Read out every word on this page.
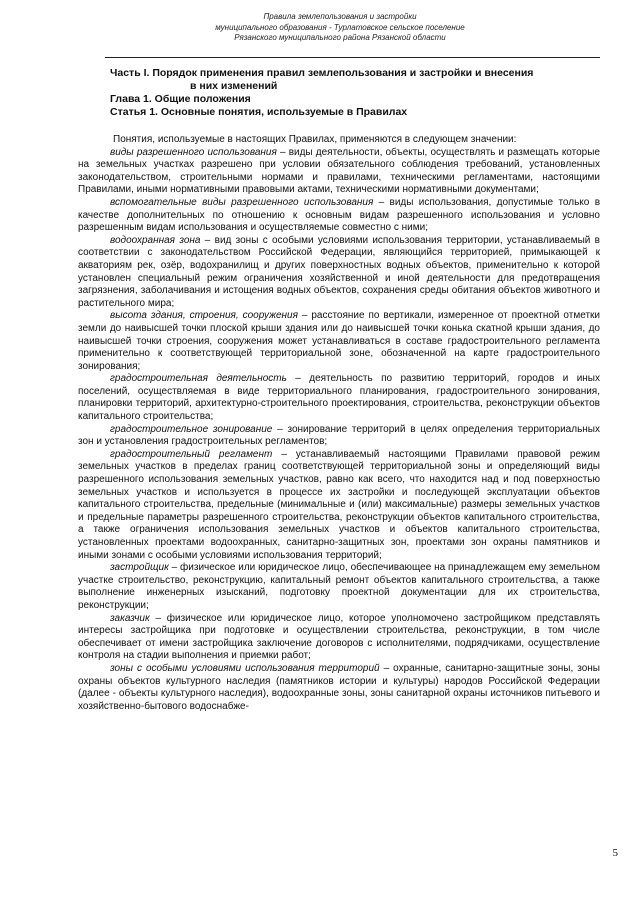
Правила землепользования и застройки
муниципального образования - Турлатовское сельское поселение
Рязанского муниципального района Рязанской области
Часть I. Порядок применения правил землепользования и застройки и внесения
в них изменений
Глава 1. Общие положения
Статья 1. Основные понятия, используемые в Правилах

Понятия, используемые в настоящих Правилах, применяются в следующем значении:

виды разрешенного использования – виды деятельности, объекты, осуществлять и размещать которые на земельных участках разрешено при условии обязательного соблюдения требований, установленных законодательством, строительными нормами и правилами, техническими регламентами, настоящими Правилами, иными нормативными правовыми актами, техническими нормативными документами;

вспомогательные виды разрешенного использования – виды использования, допустимые только в качестве дополнительных по отношению к основным видам разрешенного использования и условно разрешенным видам использования и осуществляемые совместно с ними;

водоохранная зона – вид зоны с особыми условиями использования территории, устанавливаемый в соответствии с законодательством Российской Федерации, являющийся территорией, примыкающей к акваториям рек, озёр, водохранилищ и других поверхностных водных объектов, применительно к которой установлен специальный режим ограничения хозяйственной и иной деятельности для предотвращения загрязнения, заболачивания и истощения водных объектов, сохранения среды обитания объектов животного и растительного мира;

высота здания, строения, сооружения – расстояние по вертикали, измеренное от проектной отметки земли до наивысшей точки плоской крыши здания или до наивысшей точки конька скатной крыши здания, до наивысшей точки строения, сооружения может устанавливаться в составе градостроительного регламента применительно к соответствующей территориальной зоне, обозначенной на карте градостроительного зонирования;

градостроительная деятельность – деятельность по развитию территорий, городов и иных поселений, осуществляемая в виде территориального планирования, градостроительного зонирования, планировки территорий, архитектурно-строительного проектирования, строительства, реконструкции объектов капитального строительства;

градостроительное зонирование – зонирование территорий в целях определения территориальных зон и установления градостроительных регламентов;

градостроительный регламент – устанавливаемый настоящими Правилами правовой режим земельных участков в пределах границ соответствующей территориальной зоны и определяющий виды разрешенного использования земельных участков, равно как всего, что находится над и под поверхностью земельных участков и используется в процессе их застройки и последующей эксплуатации объектов капитального строительства, предельные (минимальные и (или) максимальные) размеры земельных участков и предельные параметры разрешенного строительства, реконструкции объектов капитального строительства, а также ограничения использования земельных участков и объектов капитального строительства, установленных проектами водоохранных, санитарно-защитных зон, проектами зон охраны памятников и иными зонами с особыми условиями использования территорий;

застройщик – физическое или юридическое лицо, обеспечивающее на принадлежащем ему земельном участке строительство, реконструкцию, капитальный ремонт объектов капитального строительства, а также выполнение инженерных изысканий, подготовку проектной документации для их строительства, реконструкции;

заказчик – физическое или юридическое лицо, которое уполномочено застройщиком представлять интересы застройщика при подготовке и осуществлении строительства, реконструкции, в том числе обеспечивает от имени застройщика заключение договоров с исполнителями, подрядчиками, осуществление контроля на стадии выполнения и приемки работ;

зоны с особыми условиями использования территорий – охранные, санитарно-защитные зоны, зоны охраны объектов культурного наследия (памятников истории и культуры) народов Российской Федерации (далее - объекты культурного наследия), водоохранные зоны, зоны санитарной охраны источников питьевого и хозяйственно-бытового водоснабже-

5
